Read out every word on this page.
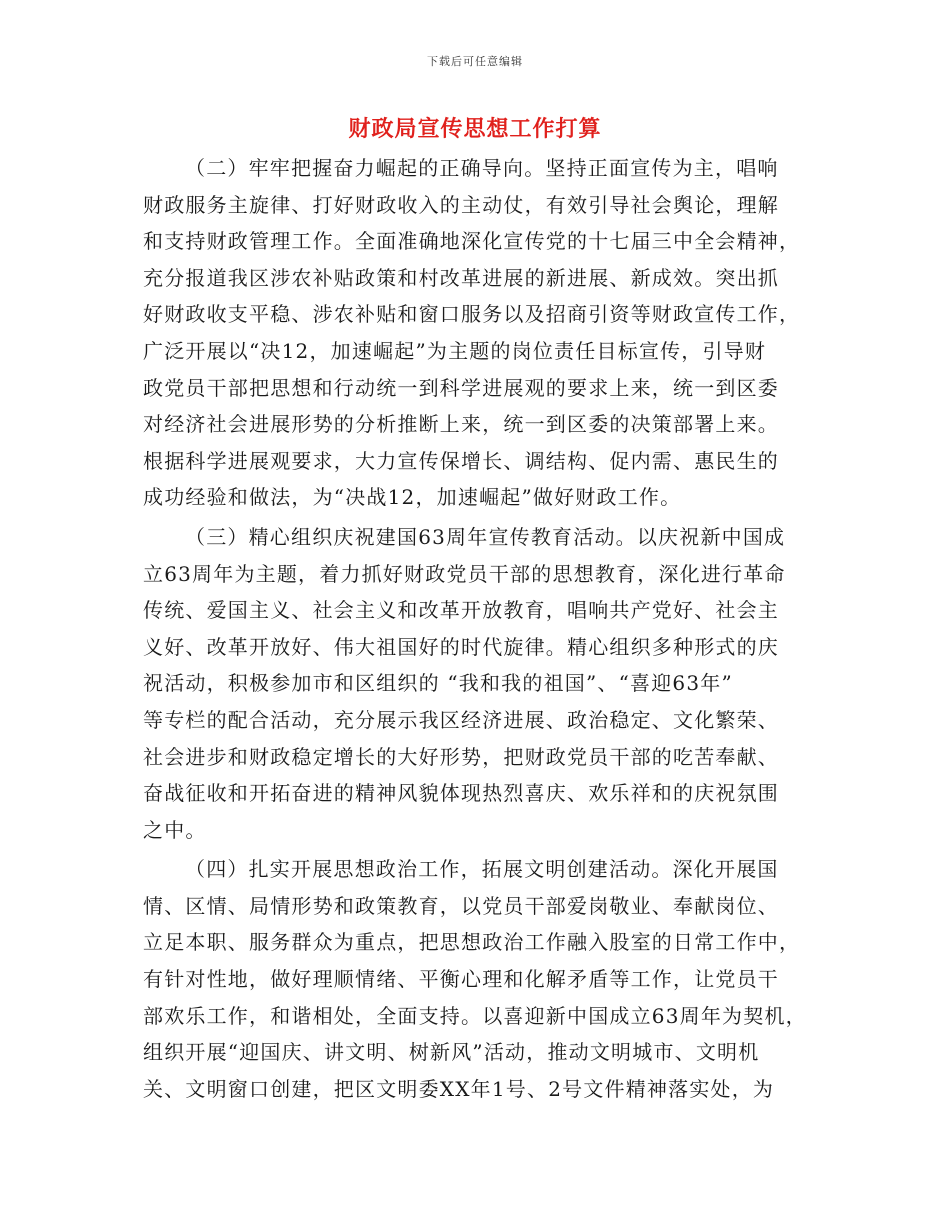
下载后可任意编辑
财政局宣传思想工作打算

（二）牢牢把握奋力崛起的正确导向。坚持正面宣传为主，唱响
财政服务主旋律、打好财政收入的主动仗，有效引导社会舆论，理解
和支持财政管理工作。全面准确地深化宣传党的十七届三中全会精神，
充分报道我区涉农补贴政策和村改革进展的新进展、新成效。突出抓
好财政收支平稳、涉农补贴和窗口服务以及招商引资等财政宣传工作，
广泛开展以“决12，加速崛起”为主题的岗位责任目标宣传，引导财
政党员干部把思想和行动统一到科学进展观的要求上来，统一到区委
对经济社会进展形势的分析推断上来，统一到区委的决策部署上来。
根据科学进展观要求，大力宣传保增长、调结构、促内需、惠民生的
成功经验和做法，为“决战12，加速崛起”做好财政工作。

（三）精心组织庆祝建国63周年宣传教育活动。以庆祝新中国成
立63周年为主题，着力抓好财政党员干部的思想教育，深化进行革命
传统、爱国主义、社会主义和改革开放教育，唱响共产党好、社会主
义好、改革开放好、伟大祖国好的时代旋律。精心组织多种形式的庆
祝活动，积极参加市和区组织的 “我和我的祖国”、“喜迎63年”
等专栏的配合活动，充分展示我区经济进展、政治稳定、文化繁荣、
社会进步和财政稳定增长的大好形势，把财政党员干部的吃苦奉献、
奋战征收和开拓奋进的精神风貌体现热烈喜庆、欢乐祥和的庆祝氛围
之中。

（四）扎实开展思想政治工作，拓展文明创建活动。深化开展国
情、区情、局情形势和政策教育，以党员干部爱岗敬业、奉献岗位、
立足本职、服务群众为重点，把思想政治工作融入股室的日常工作中，
有针对性地，做好理顺情绪、平衡心理和化解矛盾等工作，让党员干
部欢乐工作，和谐相处，全面支持。以喜迎新中国成立63周年为契机，
组织开展“迎国庆、讲文明、树新风”活动，推动文明城市、文明机
关、文明窗口创建，把区文明委XX年1号、2号文件精神落实处，为
